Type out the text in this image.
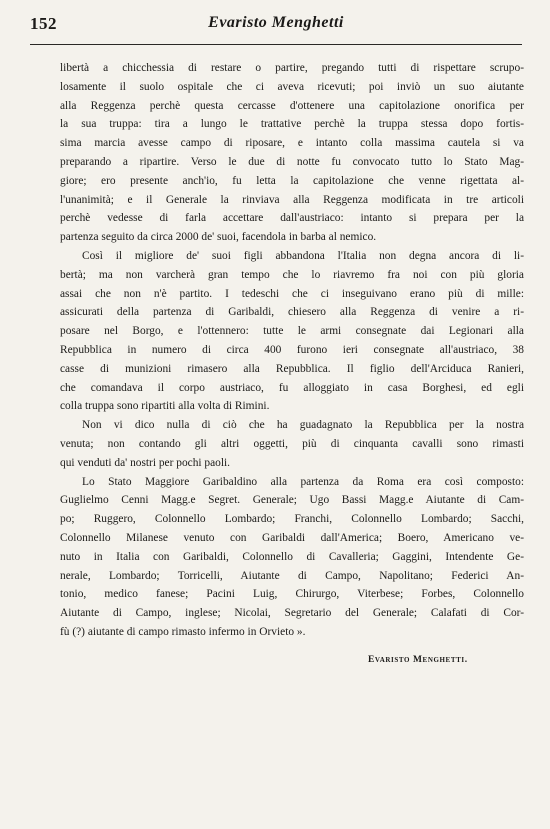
152	Evaristo Menghetti
libertà a chicchessia di restare o partire, pregando tutti di rispettare scrupo-
losamente il suolo ospitale che ci aveva ricevuti; poi inviò un suo aiutante
alla Reggenza perchè questa cercasse d'ottenere una capitolazione onorifica per
la sua truppa: tira a lungo le trattative perchè la truppa stessa dopo fortis-
sima marcia avesse campo di riposare, e intanto colla massima cautela si va
preparando a ripartire. Verso le due di notte fu convocato tutto lo Stato Mag-
giore; ero presente anch'io, fu letta la capitolazione che venne rigettata al-
l'unanimità; e il Generale la rinviava alla Reggenza modificata in tre articoli
perchè vedesse di farla accettare dall'austriaco: intanto si prepara per la
partenza seguito da circa 2000 de' suoi, facendola in barba al nemico.
Così il migliore de' suoi figli abbandona l'Italia non degna ancora di li-
bertà; ma non varcherà gran tempo che lo riavremo fra noi con più gloria
assai che non n'è partito. I tedeschi che ci inseguivano erano più di mille:
assicurati della partenza di Garibaldi, chiesero alla Reggenza di venire a ri-
posare nel Borgo, e l'ottennero: tutte le armi consegnate dai Legionari alla
Repubblica in numero di circa 400 furono ieri consegnate all'austriaco, 38
casse di munizioni rimasero alla Repubblica. Il figlio dell'Arciduca Ranieri,
che comandava il corpo austriaco, fu alloggiato in casa Borghesi, ed egli
colla truppa sono ripartiti alla volta di Rimini.
Non vi dico nulla di ciò che ha guadagnato la Repubblica per la nostra
venuta; non contando gli altri oggetti, più di cinquanta cavalli sono rimasti
qui venduti da' nostri per pochi paoli.
Lo Stato Maggiore Garibaldino alla partenza da Roma era così composto:
Guglielmo Cenni Magg.e Segret. Generale; Ugo Bassi Magg.e Aiutante di Cam-
po; Ruggero, Colonnello Lombardo; Franchi, Colonnello Lombardo; Sacchi,
Colonnello Milanese venuto con Garibaldi dall'America; Boero, Americano ve-
nuto in Italia con Garibaldi, Colonnello di Cavalleria; Gaggini, Intendente Ge-
nerale, Lombardo; Torricelli, Aiutante di Campo, Napolitano; Federici An-
tonio, medico fanese; Pacini Luig, Chirurgo, Viterbese; Forbes, Colonnello
Aiutante di Campo, inglese; Nicolai, Segretario del Generale; Calafati di Cor-
fù (?) aiutante di campo rimasto infermo in Orvieto ».
Evaristo Menghetti.
